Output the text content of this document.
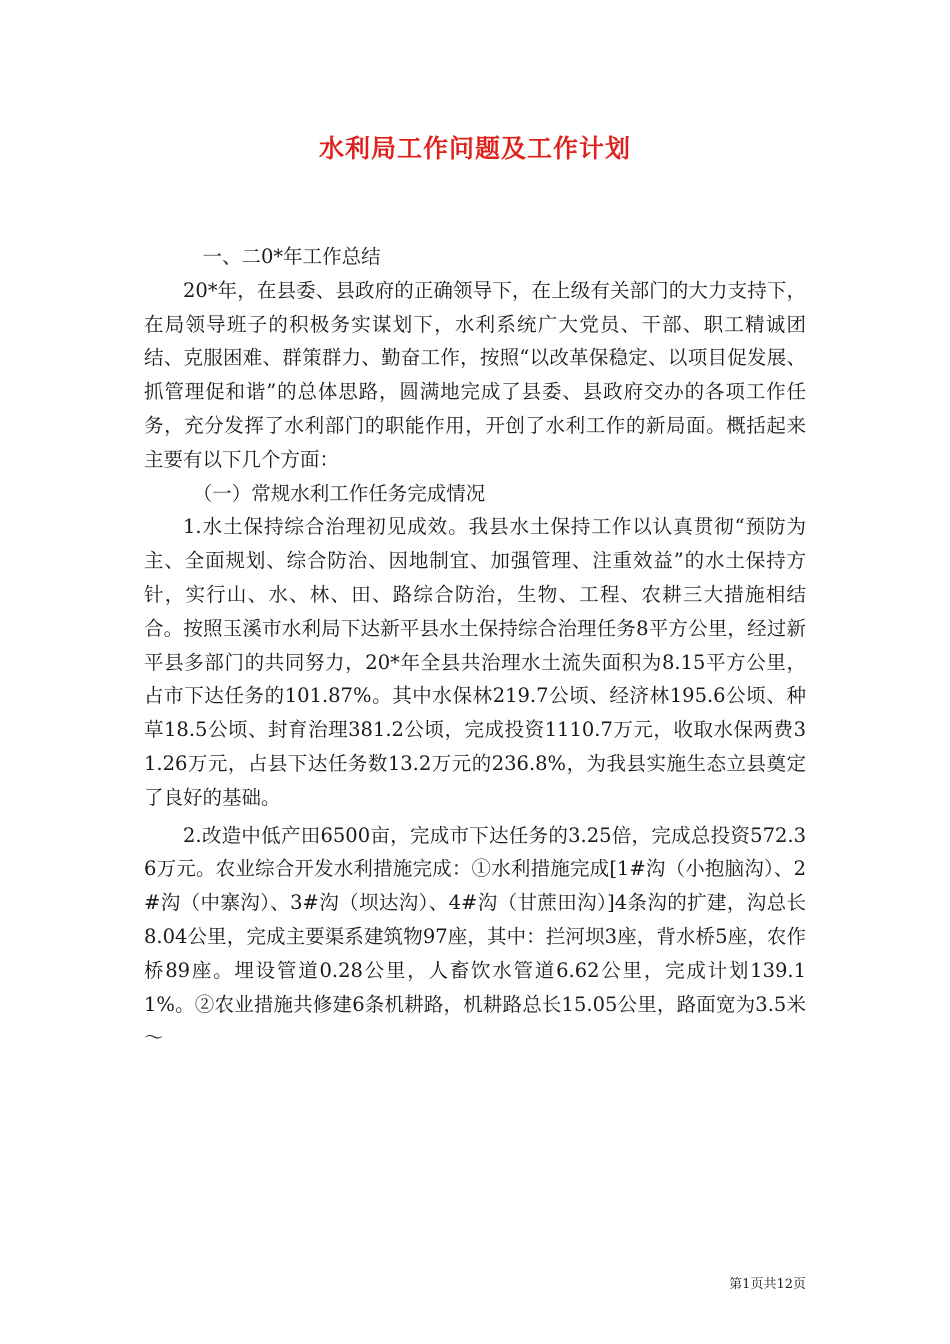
水利局工作问题及工作计划

一、二0*年工作总结

20*年，在县委、县政府的正确领导下，在上级有关部门的大力支持下，在局领导班子的积极务实谋划下，水利系统广大党员、干部、职工精诚团结、克服困难、群策群力、勤奋工作，按照“以改革保稳定、以项目促发展、抓管理促和谐”的总体思路，圆满地完成了县委、县政府交办的各项工作任务，充分发挥了水利部门的职能作用，开创了水利工作的新局面。概括起来主要有以下几个方面：

（一）常规水利工作任务完成情况

1.水土保持综合治理初见成效。我县水土保持工作以认真贯彻“预防为主、全面规划、综合防治、因地制宜、加强管理、注重效益”的水土保持方针，实行山、水、林、田、路综合防治，生物、工程、农耕三大措施相结合。按照玉溪市水利局下达新平县水土保持综合治理任务8平方公里，经过新平县多部门的共同努力，20*年全县共治理水土流失面积为8.15平方公里，占市下达任务的101.87%。其中水保林219.7公顷、经济林195.6公顷、种草18.5公顷、封育治理381.2公顷，完成投资1110.7万元，收取水保两费31.26万元，占县下达任务数13.2万元的236.8%，为我县实施生态立县奠定了良好的基础。

2.改造中低产田6500亩，完成市下达任务的3.25倍，完成总投资572.36万元。农业综合开发水利措施完成：①水利措施完成[1#沟（小抱脑沟）、2#沟（中寨沟）、3#沟（坝达沟）、4#沟（甘蔗田沟）]4条沟的扩建，沟总长8.04公里，完成主要渠系建筑物97座，其中：拦河坝3座，背水桥5座，农作桥89座。埋设管道0.28公里，人畜饮水管道6.62公里，完成计划139.11%。②农业措施共修建6条机耕路，机耕路总长15.05公里，路面宽为3.5米～

第1页共12页
